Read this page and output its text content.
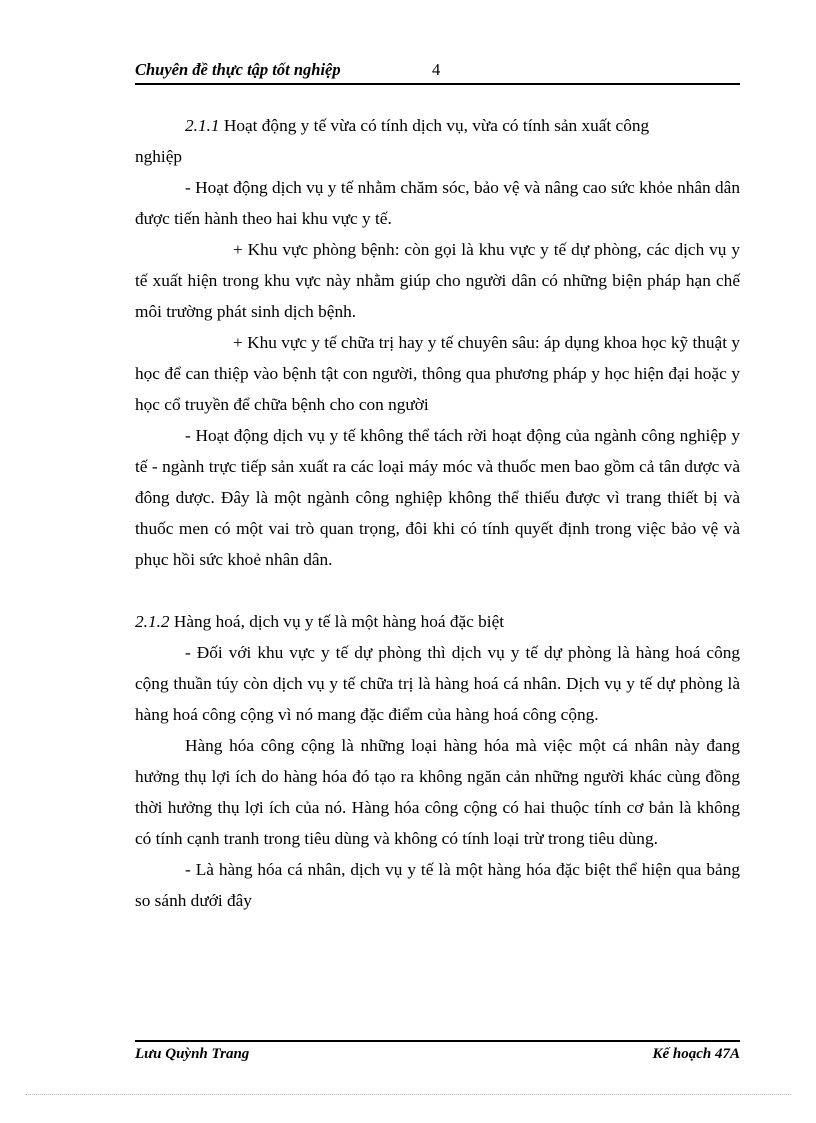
Chuyên đề thực tập tốt nghiệp	4

2.1.1 Hoạt động y tế vừa có tính dịch vụ, vừa có tính sản xuất công

nghiệp

- Hoạt động dịch vụ y tế nhằm chăm sóc, bảo vệ và nâng cao sức khỏe nhân dân được tiến hành theo hai khu vực y tế.

+ Khu vực phòng bệnh: còn gọi là khu vực y tế dự phòng, các dịch vụ y tế xuất hiện trong khu vực này nhằm giúp cho người dân có những biện pháp hạn chế môi trường phát sinh dịch bệnh.

+ Khu vực y tế chữa trị hay y tế chuyên sâu: áp dụng khoa học kỹ thuật y học để can thiệp vào bệnh tật con người, thông qua phương pháp y học hiện đại hoặc y học cổ truyền để chữa bệnh cho con người

- Hoạt động dịch vụ y tế không thể tách rời hoạt động của ngành công nghiệp y tế - ngành trực tiếp sản xuất ra các loại máy móc và thuốc men bao gồm cả tân dược và đông dược. Đây là một ngành công nghiệp không thể thiếu được vì trang thiết bị và thuốc men có một vai trò quan trọng, đôi khi có tính quyết định trong việc bảo vệ và phục hồi sức khoẻ nhân dân.

2.1.2 Hàng hoá, dịch vụ y tế là một hàng hoá đặc biệt

- Đối với khu vực y tế dự phòng thì dịch vụ y tế dự phòng là hàng hoá công cộng thuần túy còn dịch vụ y tế chữa trị là hàng hoá cá nhân. Dịch vụ y tế dự phòng là hàng hoá công cộng vì nó mang đặc điểm của hàng hoá công cộng.

Hàng hóa công cộng là những loại hàng hóa mà việc một cá nhân này đang hưởng thụ lợi ích do hàng hóa đó tạo ra không ngăn cản những người khác cùng đồng thời hưởng thụ lợi ích của nó. Hàng hóa công cộng có hai thuộc tính cơ bản là không có tính cạnh tranh trong tiêu dùng và không có tính loại trừ trong tiêu dùng.

- Là hàng hóa cá nhân, dịch vụ y tế là một hàng hóa đặc biệt thể hiện qua bảng so sánh dưới đây

Lưu Quỳnh Trang	Kế hoạch 47A
